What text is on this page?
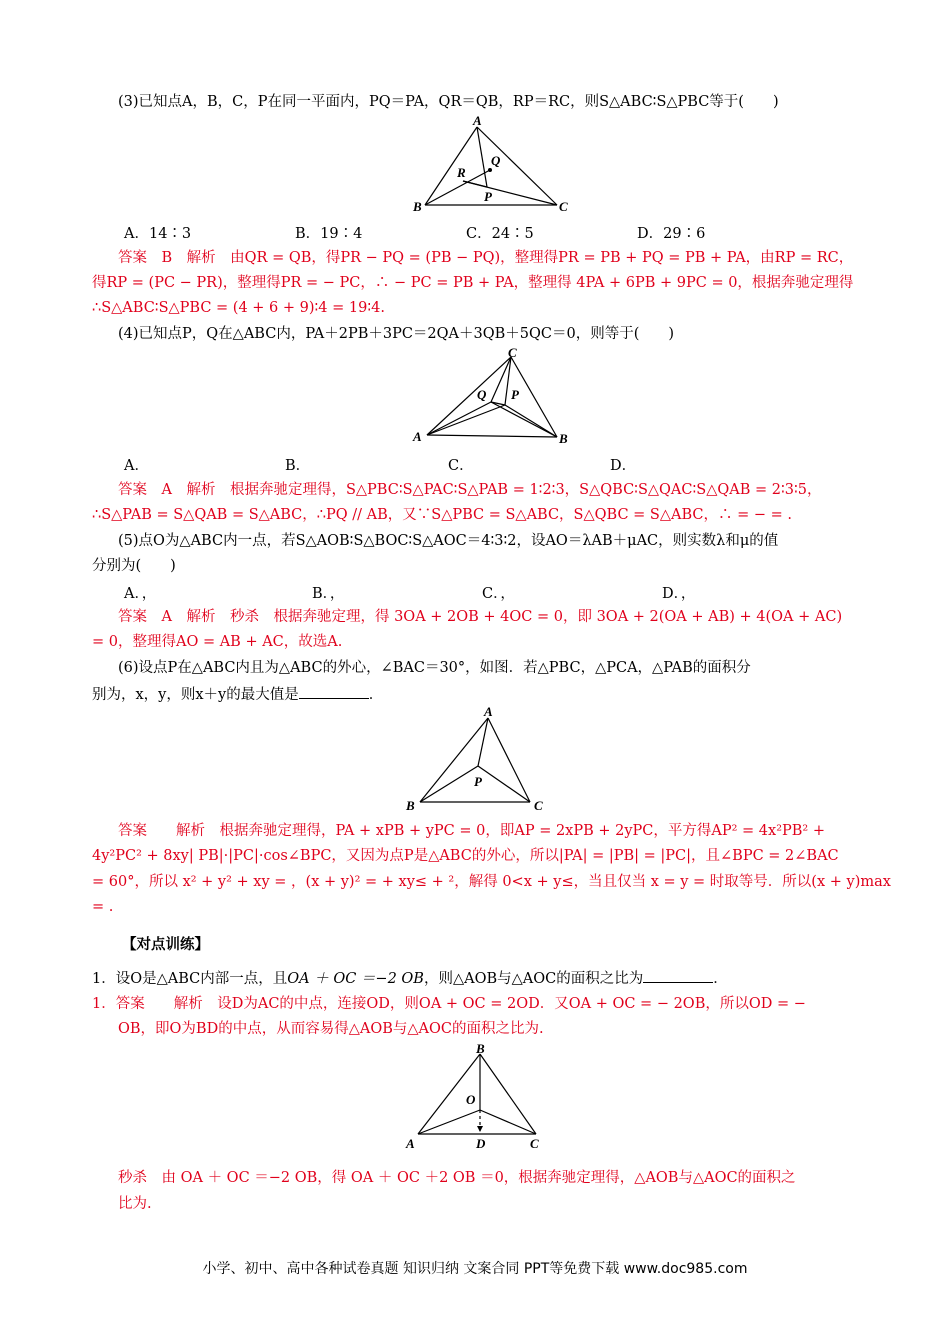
(3)已知点A，B，C，P在同一平面内，PQ＝PA，QR＝QB，RP＝RC，则S△ABC∶S△PBC等于(　　)
A
B	C
P
Q
R
A．14∶3	B．19∶4	C．24∶5	D．29∶6
答案　B　解析　由QR = QB，得PR − PQ = (PB − PQ)，整理得PR = PB + PQ = PB + PA，由RP = RC，
得RP = (PC − PR)，整理得PR = − PC，∴ − PC = PB + PA，整理得 4PA + 6PB + 9PC = 0，根据奔驰定理得
∴S△ABC∶S△PBC = (4 + 6 + 9)∶4 = 19∶4.
(4)已知点P，Q在△ABC内，PA＋2PB＋3PC＝2QA＋3QB＋5QC＝0，则等于(　　)
C
A	B
Q P
A．	B．	C．	D．
答案　A　解析　根据奔驰定理得，S△PBC∶S△PAC∶S△PAB = 1∶2∶3，S△QBC∶S△QAC∶S△QAB = 2∶3∶5，
∴S△PAB = S△QAB = S△ABC，∴PQ // AB，又∵S△PBC = S△ABC，S△QBC = S△ABC，∴ = − = .
(5)点O为△ABC内一点，若S△AOB∶S△BOC∶S△AOC＝4∶3∶2，设AO＝λAB＋μAC，则实数λ和μ的值
分别为(　　)
A．，	B．，	C．，	D．，
答案　A　解析　秒杀　根据奔驰定理，得 3OA + 2OB + 4OC = 0，即 3OA + 2(OA + AB) + 4(OA + AC)
= 0，整理得AO = AB + AC，故选A.
(6)设点P在△ABC内且为△ABC的外心，∠BAC＝30°，如图．若△PBC，△PCA，△PAB的面积分
别为，x，y，则x＋y的最大值是	．
A
B	C
P
答案　　解析　根据奔驰定理得，PA + xPB + yPC = 0，即AP = 2xPB + 2yPC，平方得AP² = 4x²PB² +
4y²PC² + 8xy| PB|·|PC|·cos∠BPC，又因为点P是△ABC的外心，所以|PA| = |PB| = |PC|，且∠BPC = 2∠BAC
= 60°，所以 x² + y² + xy = ，(x + y)² = + xy≤ + ²，解得 0<x + y≤，当且仅当 x = y = 时取等号．所以(x + y)max
= .
【对点训练】
1．设O是△ABC内部一点，且OA ＋ OC ＝−2 OB，则△AOB与△AOC的面积之比为	．
1．答案　　解析　设D为AC的中点，连接OD，则OA + OC = 2OD．又OA + OC = − 2OB，所以OD = −
OB，即O为BD的中点，从而容易得△AOB与△AOC的面积之比为.
B
A	D	C
O
秒杀　由 OA ＋ OC ＝−2 OB，得 OA ＋ OC ＋2 OB ＝0，根据奔驰定理得，△AOB与△AOC的面积之
比为.
小学、初中、高中各种试卷真题 知识归纳 文案合同 PPT等免费下载 www.doc985.com
